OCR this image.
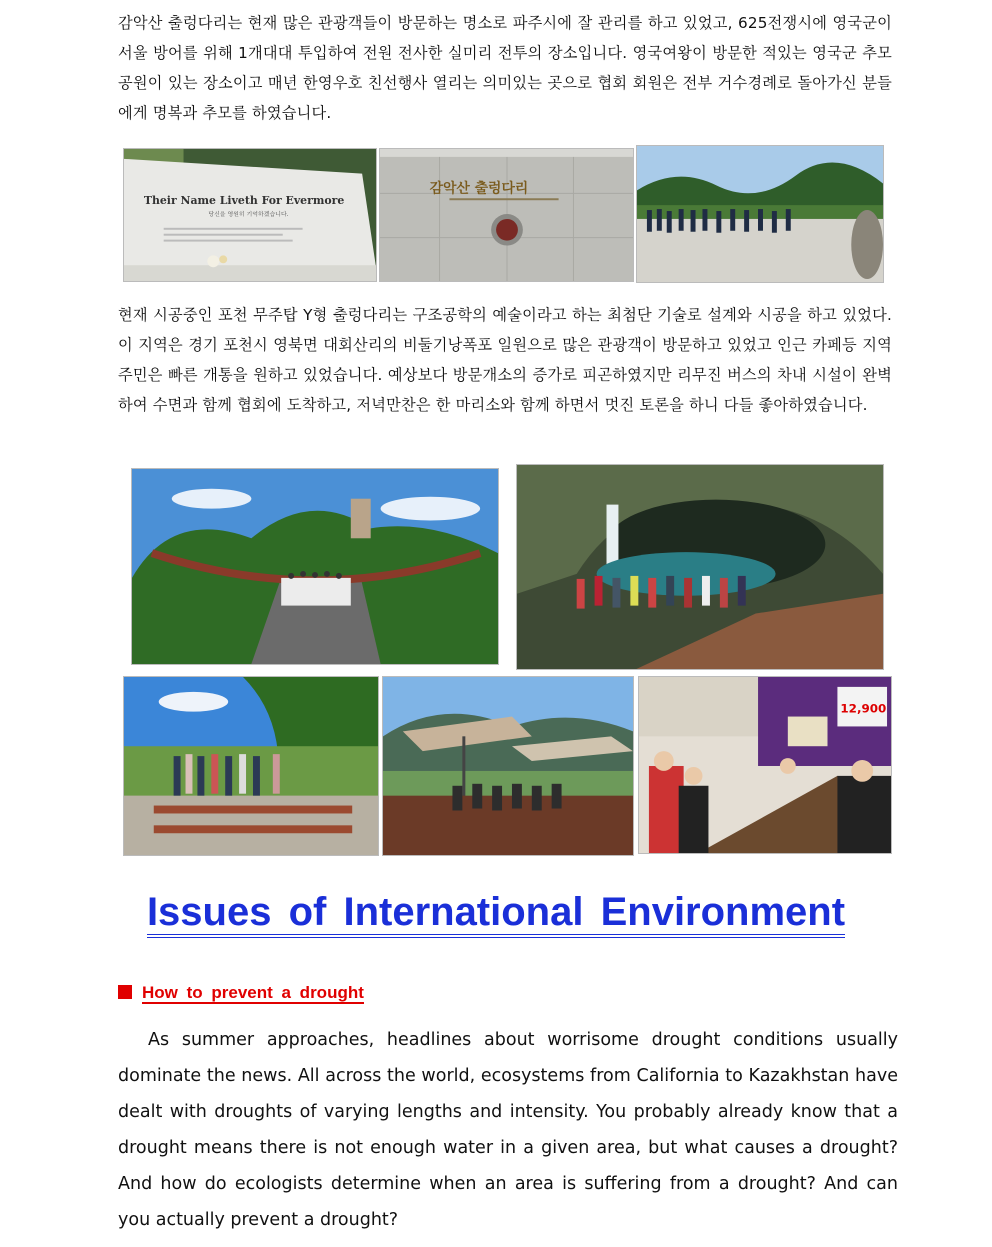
감악산 출렁다리는 현재 많은 관광객들이 방문하는 명소로 파주시에 잘 관리를 하고 있었고, 625전쟁시에 영국군이 서울 방어를 위해 1개대대 투입하여 전원 전사한 실미리 전투의 장소입니다. 영국여왕이 방문한 적있는 영국군 추모공원이 있는 장소이고 매년 한영우호 친선행사 열리는 의미있는 곳으로 협회 회원은 전부 거수경례로 돌아가신 분들에게 명복과 추모를 하였습니다.

Their Name Liveth For Evermore
당신을 영원히 기억하겠습니다.
감악산 출렁다리

현재 시공중인 포천 무주탑 Y형 출렁다리는 구조공학의 예술이라고 하는 최첨단 기술로 설계와 시공을 하고 있었다. 이 지역은 경기 포천시 영북면 대회산리의 비둘기낭폭포 일원으로 많은 관광객이 방문하고 있었고 인근 카페등 지역주민은 빠른 개통을 원하고 있었습니다. 예상보다 방문개소의 증가로 피곤하였지만 리무진 버스의 차내 시설이 완벽하여 수면과 함께 협회에 도착하고, 저녁만찬은 한 마리소와 함께 하면서 멋진 토론을 하니 다들 좋아하였습니다.

12,900
Issues of International Environment
How to prevent a drought

As summer approaches, headlines about worrisome drought conditions usually dominate the news. All across the world, ecosystems from California to Kazakhstan have dealt with droughts of varying lengths and intensity. You probably already know that a drought means there is not enough water in a given area, but what causes a drought? And how do ecologists determine when an area is suffering from a drought? And can you actually prevent a drought?
